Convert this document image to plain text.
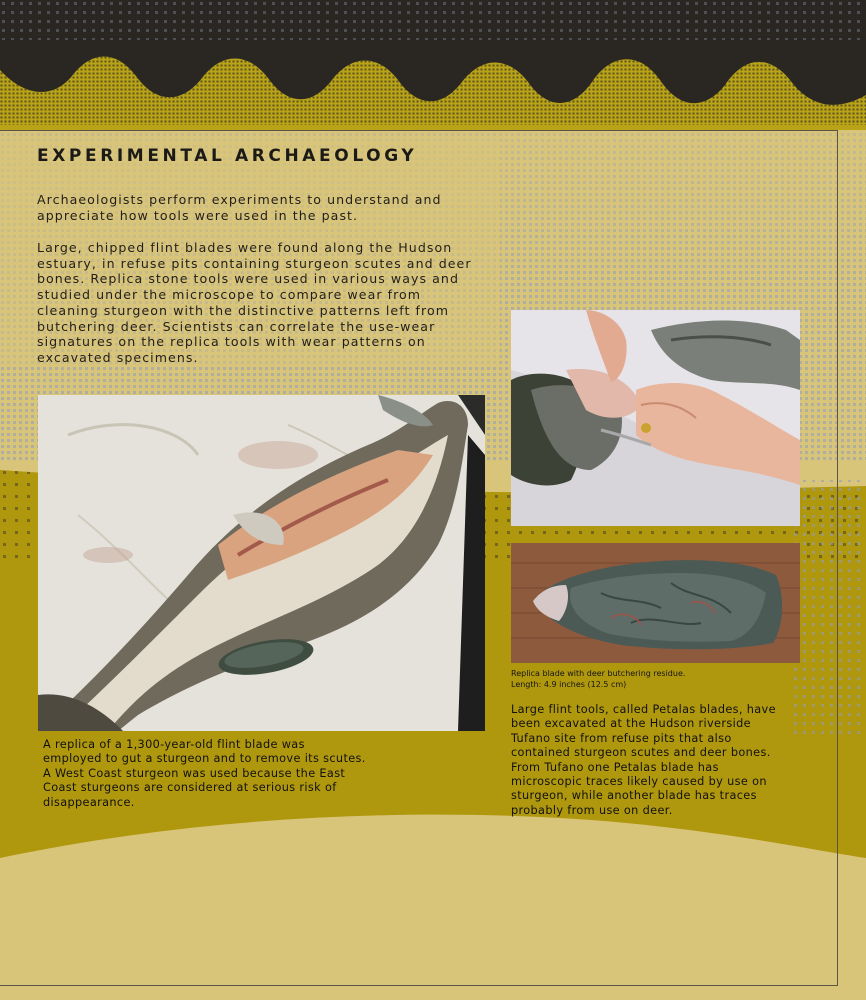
EXPERIMENTAL ARCHAEOLOGY
Archaeologists perform experiments to understand and
appreciate how tools were used in the past.
Large, chipped flint blades were found along the Hudson
estuary, in refuse pits containing sturgeon scutes and deer
bones. Replica stone tools were used in various ways and
studied under the microscope to compare wear from
cleaning sturgeon with the distinctive patterns left from
butchering deer. Scientists can correlate the use-wear
signatures on the replica tools with wear patterns on
excavated specimens.
Replica blade with deer butchering residue.
Length: 4.9 inches (12.5 cm)
Large flint tools, called Petalas blades, have
been excavated at the Hudson riverside
Tufano site from refuse pits that also
contained sturgeon scutes and deer bones.
From Tufano one Petalas blade has
microscopic traces likely caused by use on
sturgeon, while another blade has traces
probably from use on deer.
A replica of a 1,300-year-old flint blade was
employed to gut a sturgeon and to remove its scutes.
A West Coast sturgeon was used because the East
Coast sturgeons are considered at serious risk of
disappearance.
